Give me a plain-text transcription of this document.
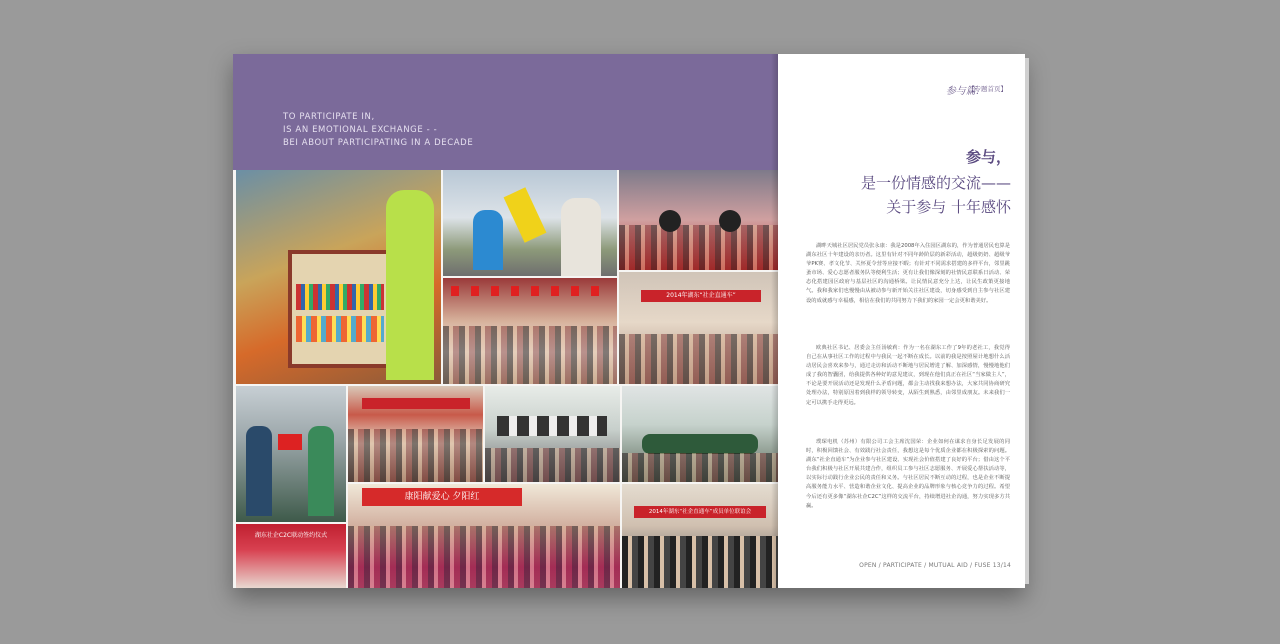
TO PARTICIPATE IN,
IS AN EMOTIONAL EXCHANGE - -
BEI ABOUT PARTICIPATING IN A DECADE
2014年湖东“社企直通车”
康阳献爱心 夕阳红
湖东社企C2C联动签约仪式
2014年湖东“社企直通车”成员单位联谊会
参与篇.
【专题首页】
参与，
是一份情感的交流——
关于参与 十年感怀
湖畔天城社区居民党员张永康：我是2008年入住园区湖东的，作为普通居民也算是湖东社区十年建设的亲历者。这里有针对不同年龄阶层的新彩活动，超级奶奶、超级爷爷PK赛、孝文化节、关怀夏令营等应接不暇；有针对不同需求搭建的多样平台，邻里跳蚤市场、爱心志愿者服务队等便利生活；更有让我们像深刻的社情民意联系日活动、荣态化搭建园区政府与基层社区的沟通桥梁。让民情民意充分上达，让民生政策更接地气。我和我家们也慢慢由从被动参与新开始关注社区建设，切身感受到自主参与社区建设的成就感与幸福感，相信在我们的共同努力下我们的家园一定会更和谐美好。
欧典社区书记、居委会主任汤敏莉：作为一名在湖东工作了9年的老社工，我觉得自己在从事社区工作的过程中与我民一起不断在成长。以前的我是按照屋计地想什么活动居民会喜欢来参与，通过走访和活动不断地与居民增进了解、加深感情，慢慢地他们成了我的智囊团，给我提供各种好的意见建议，到现在他们真正在社区“当家做主人”，不论是要开展活动还是发现什么矛盾问题，都会主动找我来想办法，大家共同协商研究处理办法，特别原因着到我样的领导转变，从陌生到熟悉，由邻里成朋友。未来我们一定可以携手走得更远。
璞琛电机（苏州）有限公司工会主席沈国荣：企业如何在谋求自身长足发展的同时，积极回馈社会、有效践行社会责任，我想这是每个优质企业都在积极探索的问题。湖东“社企直通车”为企业参与社区建设、实现社会价值搭建了良好的平台；借由这个平台我们积极与社区开展共建合作，组织员工参与社区志愿服务、开展爱心帮扶活动等，以实际行动践行企业公民的责任和义务。与社区居民不断互动的过程，也是企业不断提高服务能力水平、营造和谐企业文化、提高企业的品牌形象与核心竞争力的过程。希望今后还有更多像“湖东社企C2C”这样的交流平台，持续增进社企沟通，努力实现多方共赢。
OPEN / PARTICIPATE / MUTUAL AID / FUSE 13/14
